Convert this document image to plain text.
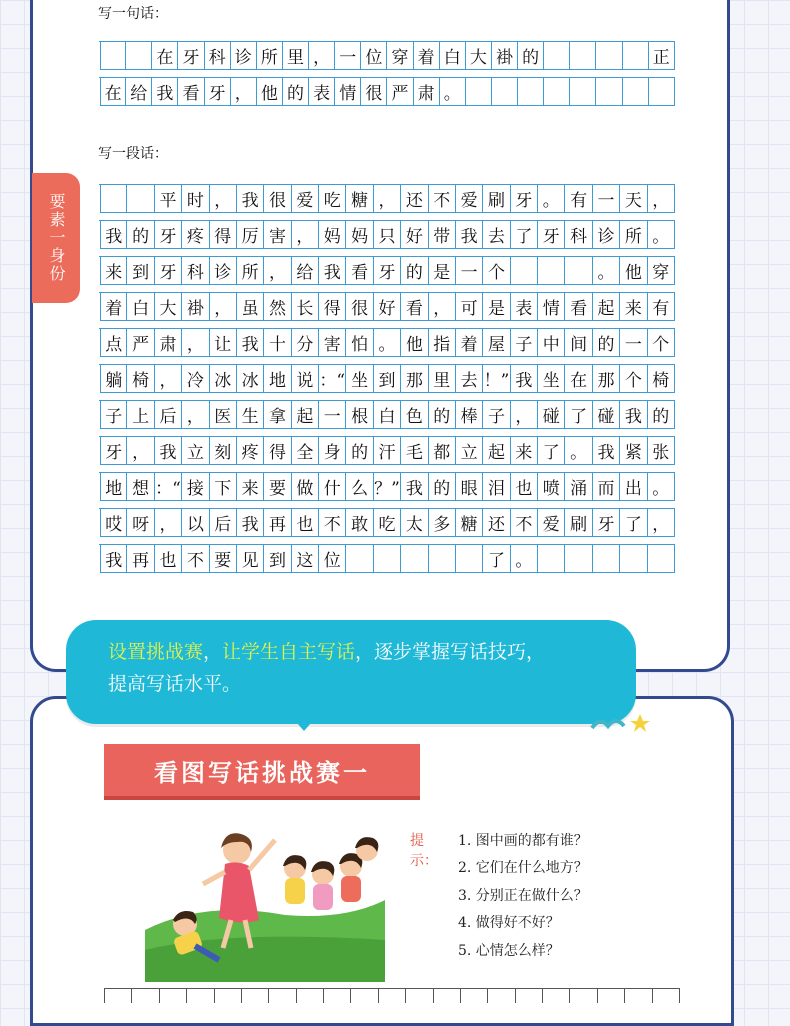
写一句话：
在 牙 科 诊 所 里 ， 一 位 穿 着 白 大 褂 的	正
在 给 我 看 牙 ， 他 的 表 情 很 严 肃 。
写一段话：
要素一身份	平 时 ， 我 很 爱 吃 糖 ， 还 不 爱 刷 牙 。 有 一 天 ，
我 的 牙 疼 得 厉 害 ， 妈 妈 只 好 带 我 去 了 牙 科 诊 所 。
来 到 牙 科 诊 所 ， 给 我 看 牙 的 是 一 个	。 他 穿
着 白 大 褂 ， 虽 然 长 得 很 好 看 ， 可 是 表 情 看 起 来 有
点 严 肃 ， 让 我 十 分 害 怕 。 他 指 着 屋 子 中 间 的 一 个
躺 椅 ， 冷 冰 冰 地 说 ：“ 坐 到 那 里 去 ！” 我 坐 在 那 个 椅
子 上 后 ， 医 生 拿 起 一 根 白 色 的 棒 子 ， 碰 了 碰 我 的
牙 ， 我 立 刻 疼 得 全 身 的 汗 毛 都 立 起 来 了 。 我 紧 张
地 想 ：“ 接 下 来 要 做 什 么 ？” 我 的 眼 泪 也 喷 涌 而 出 。
哎 呀 ， 以 后 我 再 也 不 敢 吃 太 多 糖 还 不 爱 刷 牙 了 ，
我 再 也 不 要 见 到 这 位	了 。
设置挑战赛，让学生自主写话，逐步掌握写话技巧，
提高写话水平。
看图写话挑战赛一
提示：
1. 图中画的都有谁？
2. 它们在什么地方？
3. 分别正在做什么？
4. 做得好不好？
5. 心情怎么样？
